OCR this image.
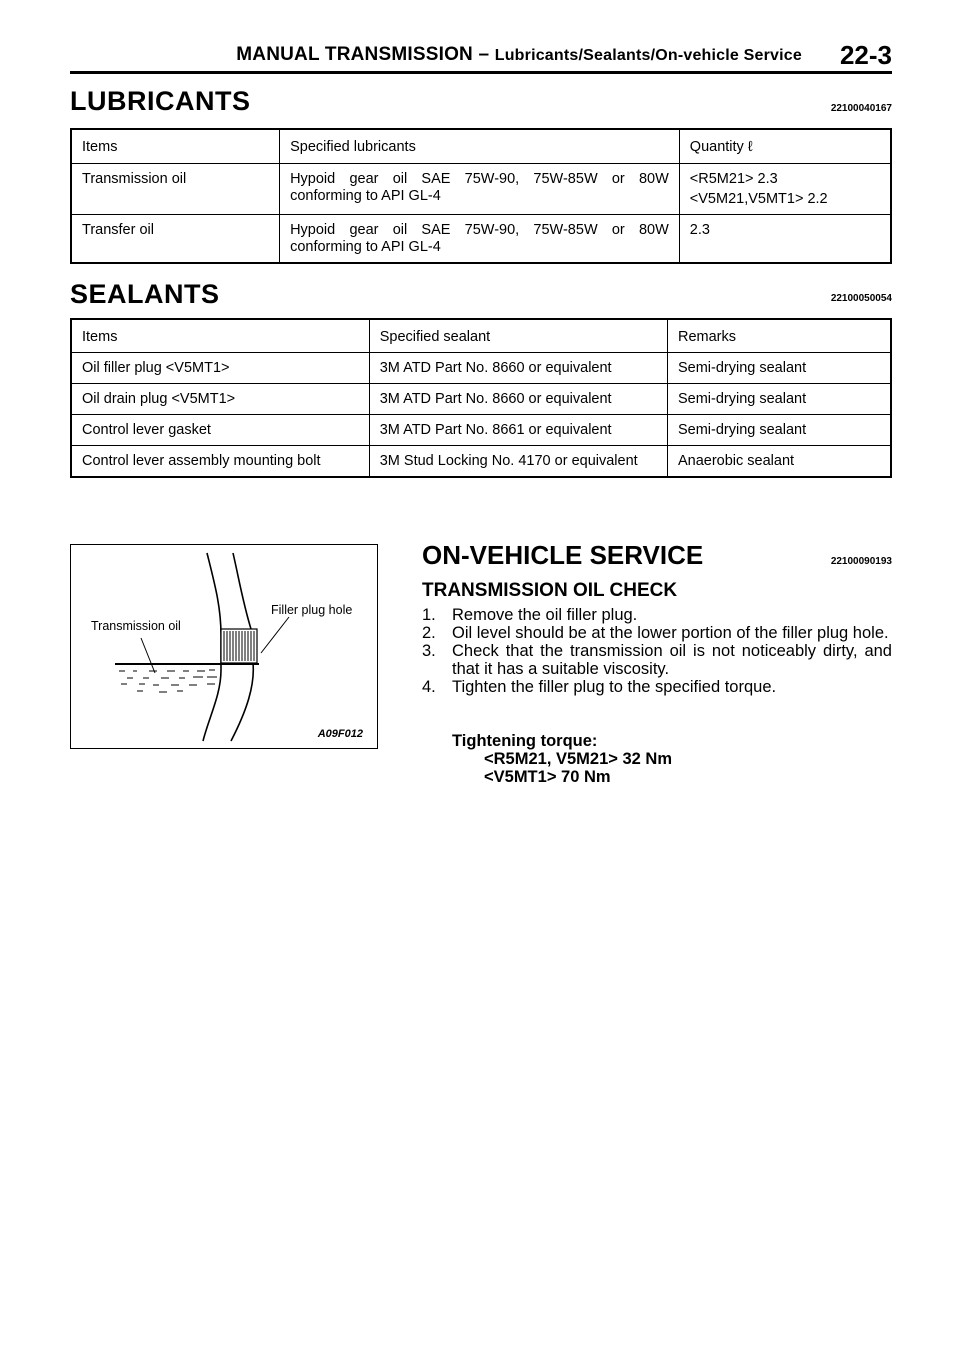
MANUAL TRANSMISSION – Lubricants/Sealants/On-vehicle Service 22-3
LUBRICANTS	22100040167
Items	Specified lubricants	Quantity ℓ
Transmission oil	Hypoid gear oil SAE 75W-90, 75W-85W or 80W conforming to API GL-4	<R5M21> 2.3
<V5M21,V5MT1> 2.2

Transfer oil	Hypoid gear oil SAE 75W-90, 75W-85W or 80W conforming to API GL-4	2.3
SEALANTS	22100050054
Items	Specified sealant	Remarks
Oil filler plug <V5MT1>	3M ATD Part No. 8660 or equivalent	Semi-drying sealant
Oil drain plug <V5MT1>	3M ATD Part No. 8660 or equivalent	Semi-drying sealant
Control lever gasket	3M ATD Part No. 8661 or equivalent	Semi-drying sealant
Control lever assembly mounting bolt	3M Stud Locking No. 4170 or equivalent	Anaerobic sealant
Transmission oil
Filler plug hole
A09F012
ON-VEHICLE SERVICE	22100090193
TRANSMISSION OIL CHECK

1. Remove the oil filler plug.

2. Oil level should be at the lower portion of the filler plug hole.

3. Check that the transmission oil is not noticeably dirty, and that it has a suitable viscosity.

4. Tighten the filler plug to the specified torque.

Tightening torque:
<R5M21, V5M21> 32 Nm
<V5MT1> 70 Nm
